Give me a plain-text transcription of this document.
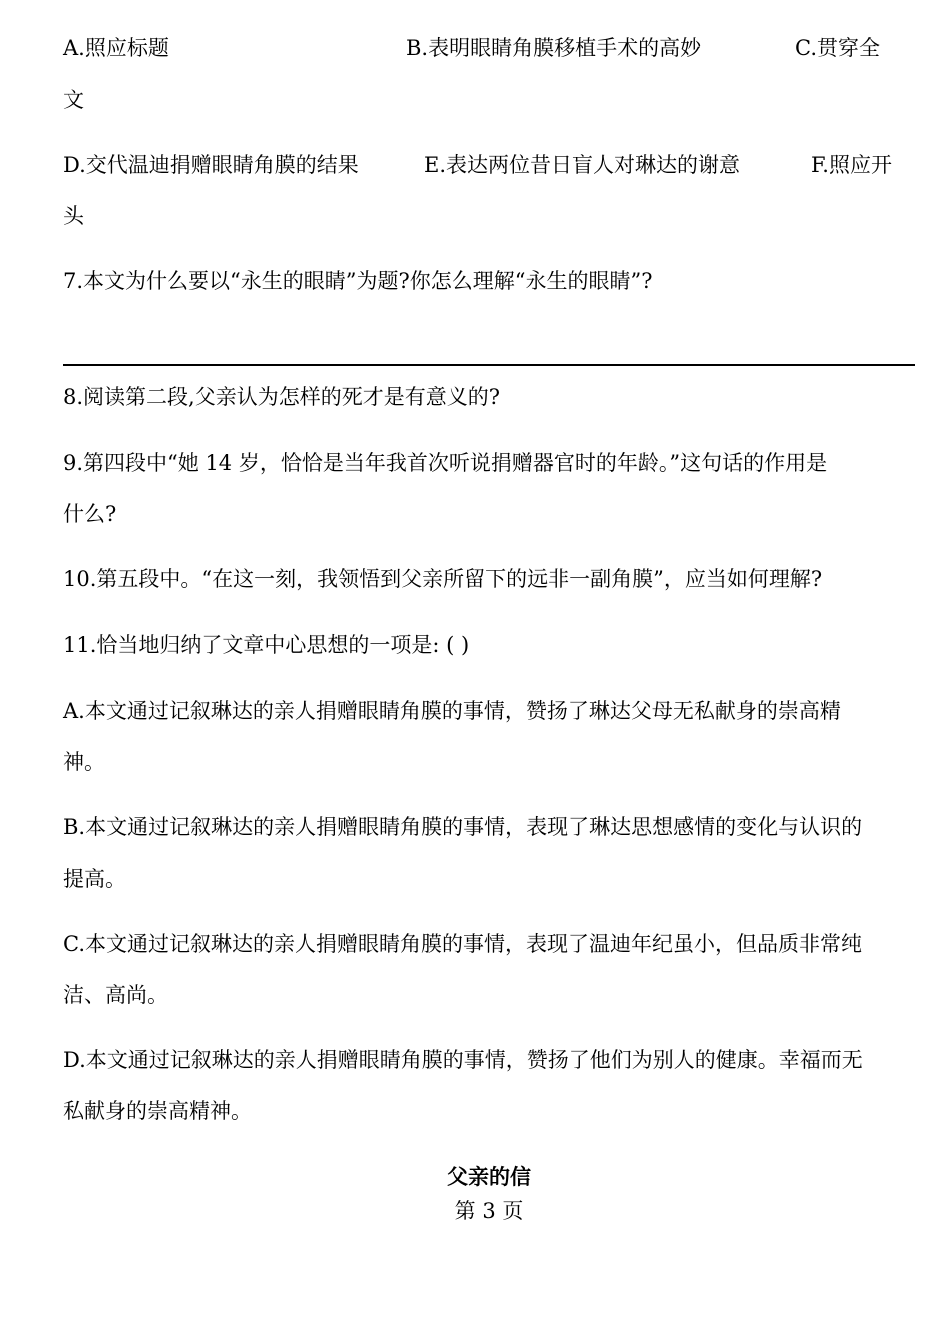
A.照应标题	B.表明眼睛角膜移植手术的高妙	C.贯穿全
文
D.交代温迪捐赠眼睛角膜的结果	E.表达两位昔日盲人对琳达的谢意	F.照应开
头
7.本文为什么要以“永生的眼睛”为题?你怎么理解“永生的眼睛”?
8.阅读第二段,父亲认为怎样的死才是有意义的?
9.第四段中“她 14 岁，恰恰是当年我首次听说捐赠器官时的年龄。”这句话的作用是
什么?
10.第五段中。“在这一刻，我领悟到父亲所留下的远非一副角膜”，应当如何理解?
11.恰当地归纳了文章中心思想的一项是: ( )
A.本文通过记叙琳达的亲人捐赠眼睛角膜的事情，赞扬了琳达父母无私献身的崇高精
神。
B.本文通过记叙琳达的亲人捐赠眼睛角膜的事情，表现了琳达思想感情的变化与认识的
提高。
C.本文通过记叙琳达的亲人捐赠眼睛角膜的事情，表现了温迪年纪虽小，但品质非常纯
洁、高尚。
D.本文通过记叙琳达的亲人捐赠眼睛角膜的事情，赞扬了他们为别人的健康。幸福而无
私献身的崇高精神。
父亲的信
第 3 页
